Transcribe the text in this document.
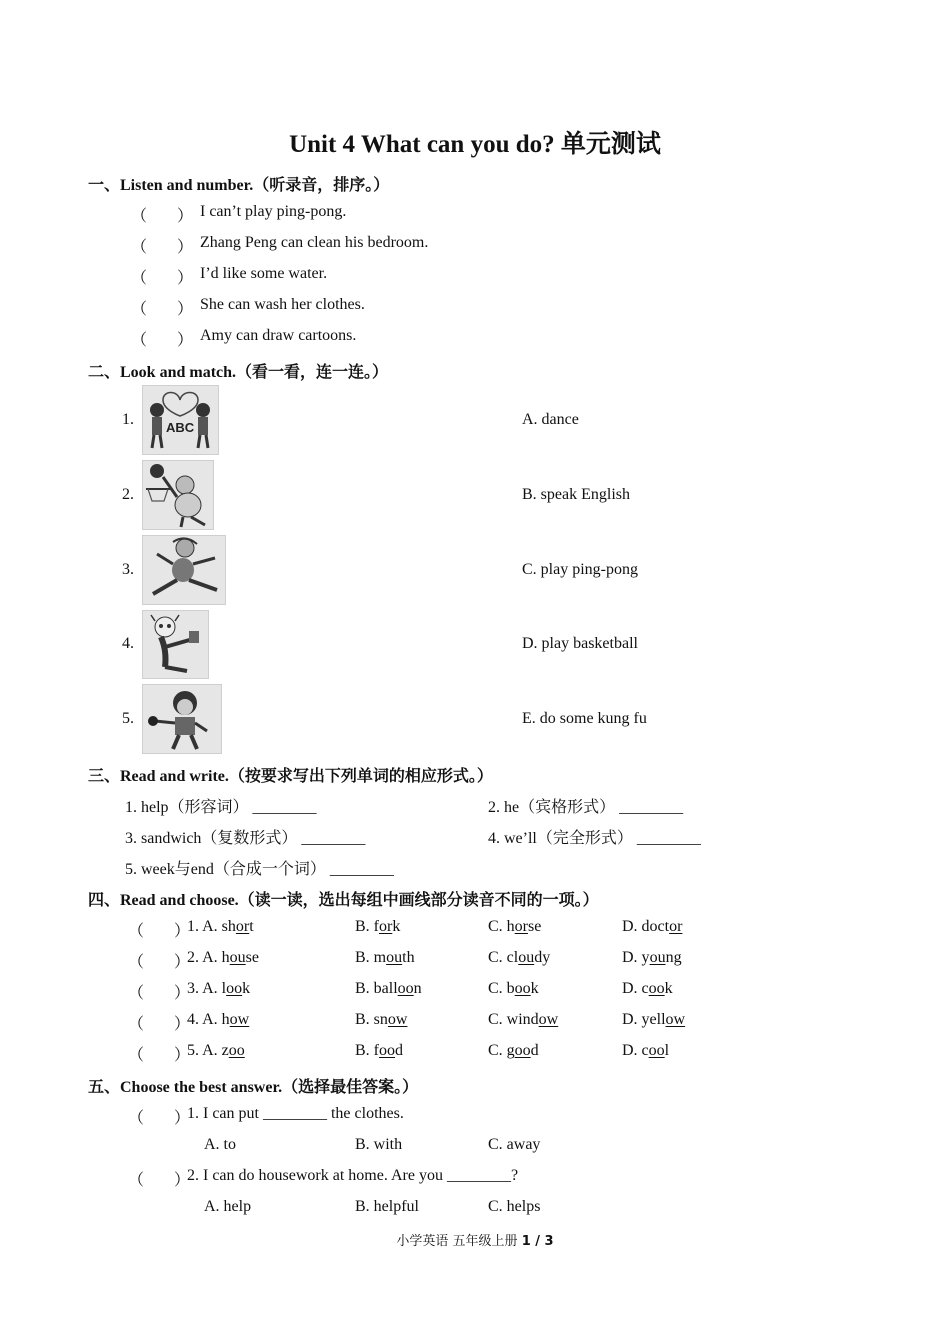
Unit 4 What can you do? 单元测试
一、Listen and number.（听录音，排序。）
（ ） I can’t play ping-pong.
（ ） Zhang Peng can clean his bedroom.
（ ） I’d like some water.
（ ） She can wash her clothes.
（ ） Amy can draw cartoons.
二、Look and match.（看一看，连一连。）
1.
2.
3.
4.
5.
ABC	A. dance
B. speak English
C. play ping-pong
D. play basketball
E. do some kung fu
三、Read and write.（按要求写出下列单词的相应形式。）
1. help（形容词） ________	2. he（宾格形式） ________
3. sandwich（复数形式） ________	4. we’ll（完全形式） ________
5. week与end（合成一个词） ________
四、Read and choose.（读一读，选出每组中画线部分读音不同的一项。）
（ ）
1. A. short	B. fork	C. horse	D. doctor
（ ）
2. A. house	B. mouth	C. cloudy	D. young
（ ）
3. A. look	B. balloon	C. book	D. cook
（ ）
4. A. how	B. snow	C. window	D. yellow
（ ）
5. A. zoo	B. food	C. good	D. cool
五、Choose the best answer.（选择最佳答案。）
（ ）
1. I can put ________ the clothes.
A. to	B. with	C. away
（ ）
2. I can do housework at home. Are you ________?
A. help	B. helpful	C. helps
小学英语 五年级上册 1 / 3
